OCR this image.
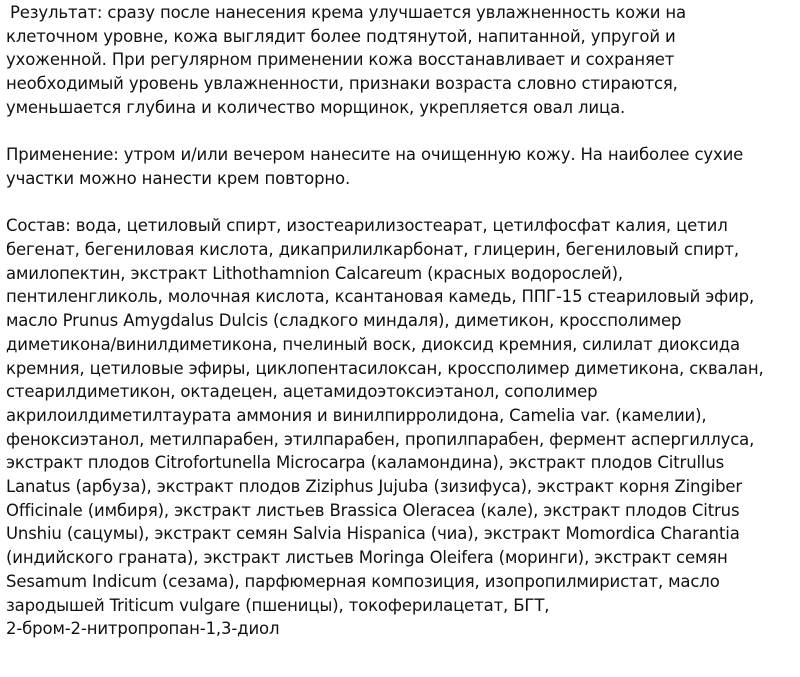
Результат: сразу после нанесения крема улучшается увлажненность кожи на
клеточном уровне, кожа выглядит более подтянутой, напитанной, упругой и
ухоженной. При регулярном применении кожа восстанавливает и сохраняет
необходимый уровень увлажненности, признаки возраста словно стираются,
уменьшается глубина и количество морщинок, укрепляется овал лица.

Применение: утром и/или вечером нанесите на очищенную кожу. На наиболее сухие
участки можно нанести крем повторно.

Состав: вода, цетиловый спирт, изостеарилизостеарат, цетилфосфат калия, цетил
бегенат, бегениловая кислота, дикаприлилкарбонат, глицерин, бегениловый спирт,
амилопектин, экстракт Lithothamnion Calcareum (красных водорослей),
пентиленгликоль, молочная кислота, ксантановая камедь, ППГ-15 стеариловый эфир,
масло Prunus Amygdalus Dulcis (сладкого миндаля), диметикон, кроссполимер
диметикона/винилдиметикона, пчелиный воск, диоксид кремния, силилат диоксида
кремния, цетиловые эфиры, циклопентасилоксан, кроссполимер диметикона, сквалан,
стеарилдиметикон, октадецен, ацетамидоэтоксиэтанол, сополимер
акрилоилдиметилтаурата аммония и винилпирролидона, Camelia var. (камелии),
феноксиэтанол, метилпарабен, этилпарабен, пропилпарабен, фермент аспергиллуса,
экстракт плодов Citrofortunella Microcarpa (каламондина), экстракт плодов Citrullus
Lanatus (арбуза), экстракт плодов Ziziphus Jujuba (зизифуса), экстракт корня Zingiber
Officinale (имбиря), экстракт листьев Brassica Oleracea (кале), экстракт плодов Citrus
Unshiu (сацумы), экстракт семян Salvia Hispanica (чиа), экстракт Momordica Charantia
(индийского граната), экстракт листьев Moringa Oleifera (моринги), экстракт семян
Sesamum Indicum (сезама), парфюмерная композиция, изопропилмиристат, масло
зародышей Triticum vulgare (пшеницы), токоферилацетат, БГТ,
2-бром-2-нитропропан-1,3-диол
